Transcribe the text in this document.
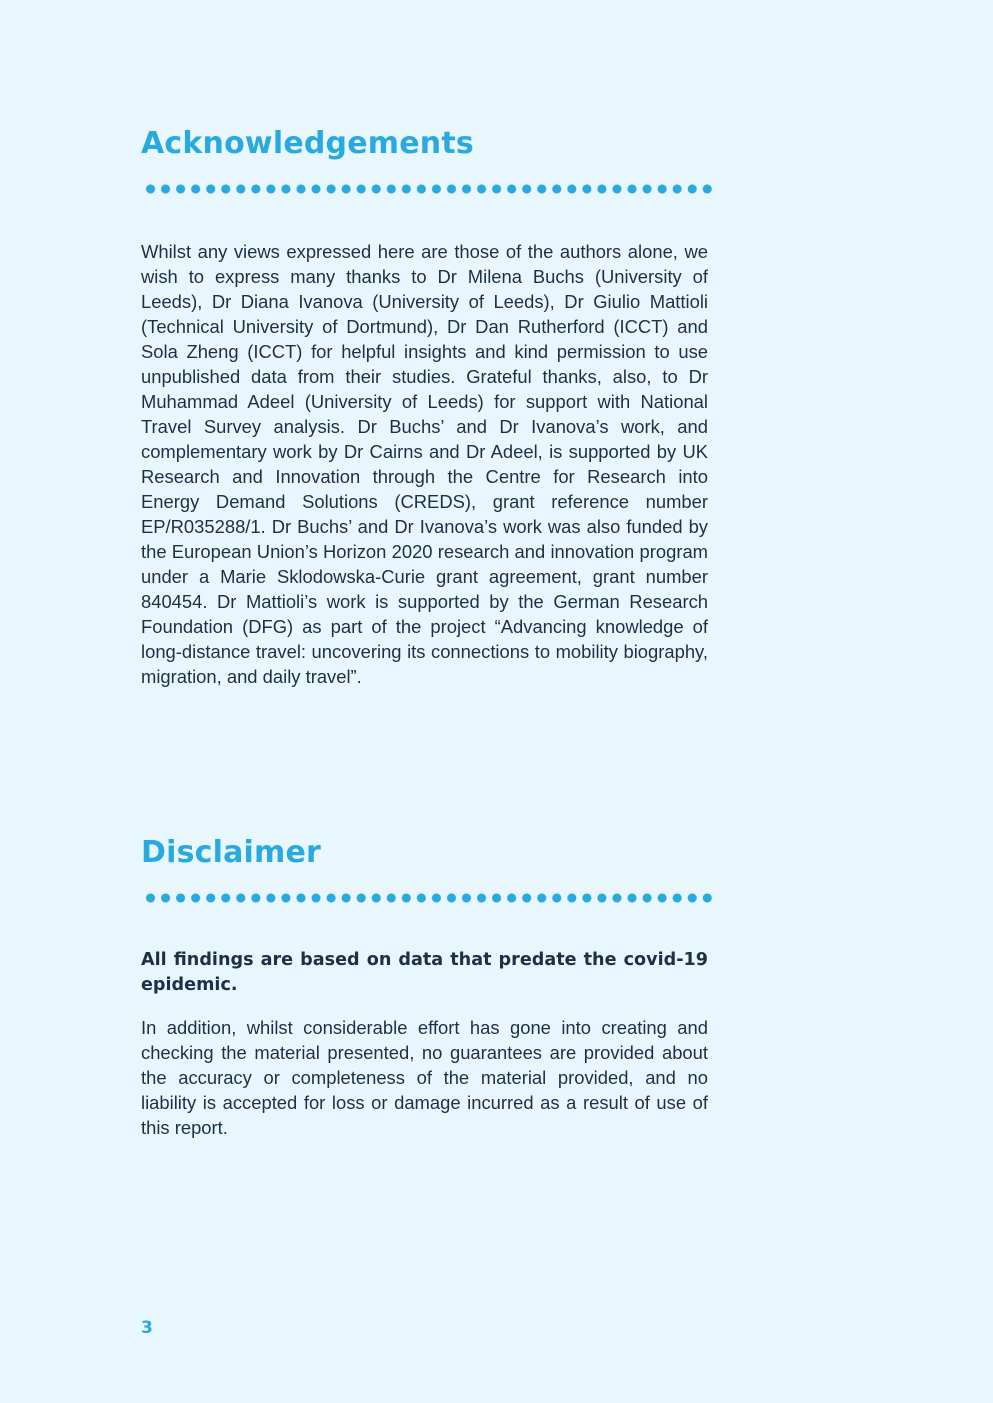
Acknowledgements

Whilst any views expressed here are those of the authors alone, we wish to express many thanks to Dr Milena Buchs (University of Leeds), Dr Diana Ivanova (University of Leeds), Dr Giulio Mattioli (Technical University of Dortmund), Dr Dan Rutherford (ICCT) and Sola Zheng (ICCT) for helpful insights and kind permission to use unpublished data from their studies. Grateful thanks, also, to Dr Muhammad Adeel (University of Leeds) for support with National Travel Survey analysis. Dr Buchs’ and Dr Ivanova’s work, and complementary work by Dr Cairns and Dr Adeel, is supported by UK Research and Innovation through the Centre for Research into Energy Demand Solutions (CREDS), grant reference number EP/R035288/1. Dr Buchs’ and Dr Ivanova’s work was also funded by the European Union’s Horizon 2020 research and innovation program under a Marie Sklodowska-Curie grant agreement, grant number 840454. Dr Mattioli’s work is supported by the German Research Foundation (DFG) as part of the project “Advancing knowledge of long-distance travel: uncovering its connections to mobility biography, migration, and daily travel”.

Disclaimer

All findings are based on data that predate the covid-19 epidemic.

In addition, whilst considerable effort has gone into creating and checking the material presented, no guarantees are provided about the accuracy or completeness of the material provided, and no liability is accepted for loss or damage incurred as a result of use of this report.

3
